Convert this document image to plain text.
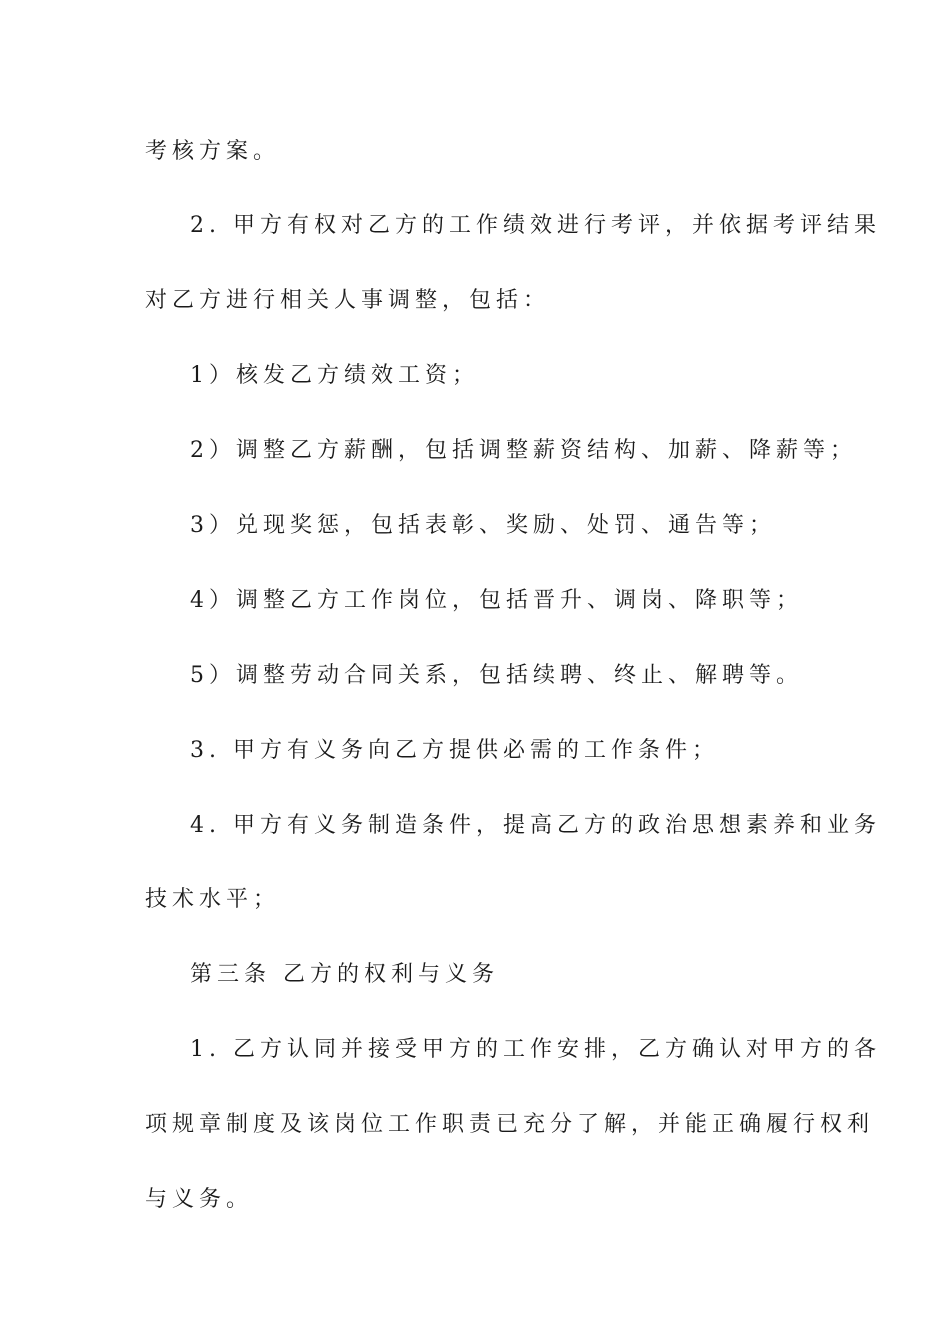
考核方案。
2. 甲方有权对乙方的工作绩效进行考评，并依据考评结果
对乙方进行相关人事调整，包括：
1）核发乙方绩效工资；
2）调整乙方薪酬，包括调整薪资结构、加薪、降薪等；
3）兑现奖惩，包括表彰、奖励、处罚、通告等；
4）调整乙方工作岗位，包括晋升、调岗、降职等；
5）调整劳动合同关系，包括续聘、终止、解聘等。
3. 甲方有义务向乙方提供必需的工作条件；
4. 甲方有义务制造条件，提高乙方的政治思想素养和业务
技术水平；
第三条 乙方的权利与义务
1. 乙方认同并接受甲方的工作安排，乙方确认对甲方的各
项规章制度及该岗位工作职责已充分了解，并能正确履行权利
与义务。
